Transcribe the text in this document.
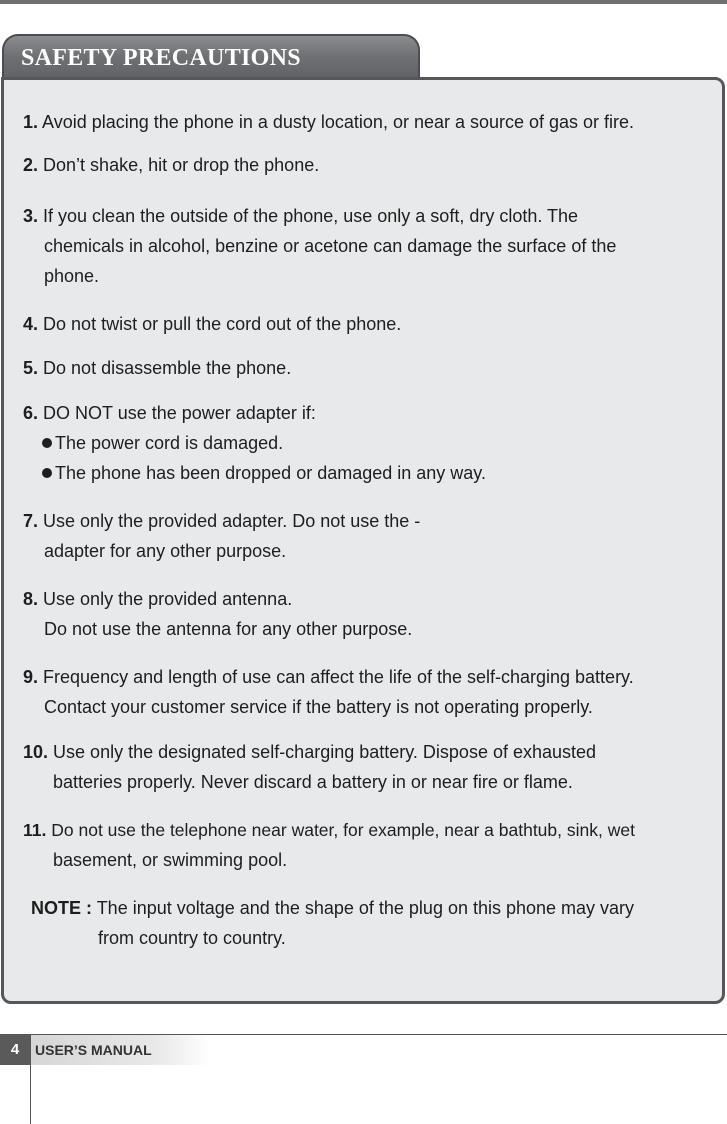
SAFETY PRECAUTIONS

1. Avoid placing the phone in a dusty location, or near a source of gas or fire.

2. Don’t shake, hit or drop the phone.

3. If you clean the outside of the phone, use only a soft, dry cloth. The

chemicals in alcohol, benzine or acetone can damage the surface of the

phone.

4. Do not twist or pull the cord out of the phone.

5. Do not disassemble the phone.

6. DO NOT use the power adapter if:

The power cord is damaged.

The phone has been dropped or damaged in any way.

7. Use only the provided adapter. Do not use the -

adapter for any other purpose.

8. Use only the provided antenna.

Do not use the antenna for any other purpose.

9. Frequency and length of use can affect the life of the self-charging battery.

Contact your customer service if the battery is not operating properly.

10. Use only the designated self-charging battery. Dispose of exhausted

batteries properly. Never discard a battery in or near fire or flame.

11. Do not use the telephone near water, for example, near a bathtub, sink, wet

basement, or swimming pool.

NOTE : The input voltage and the shape of the plug on this phone may vary

from country to country.

4	USER’S MANUAL
